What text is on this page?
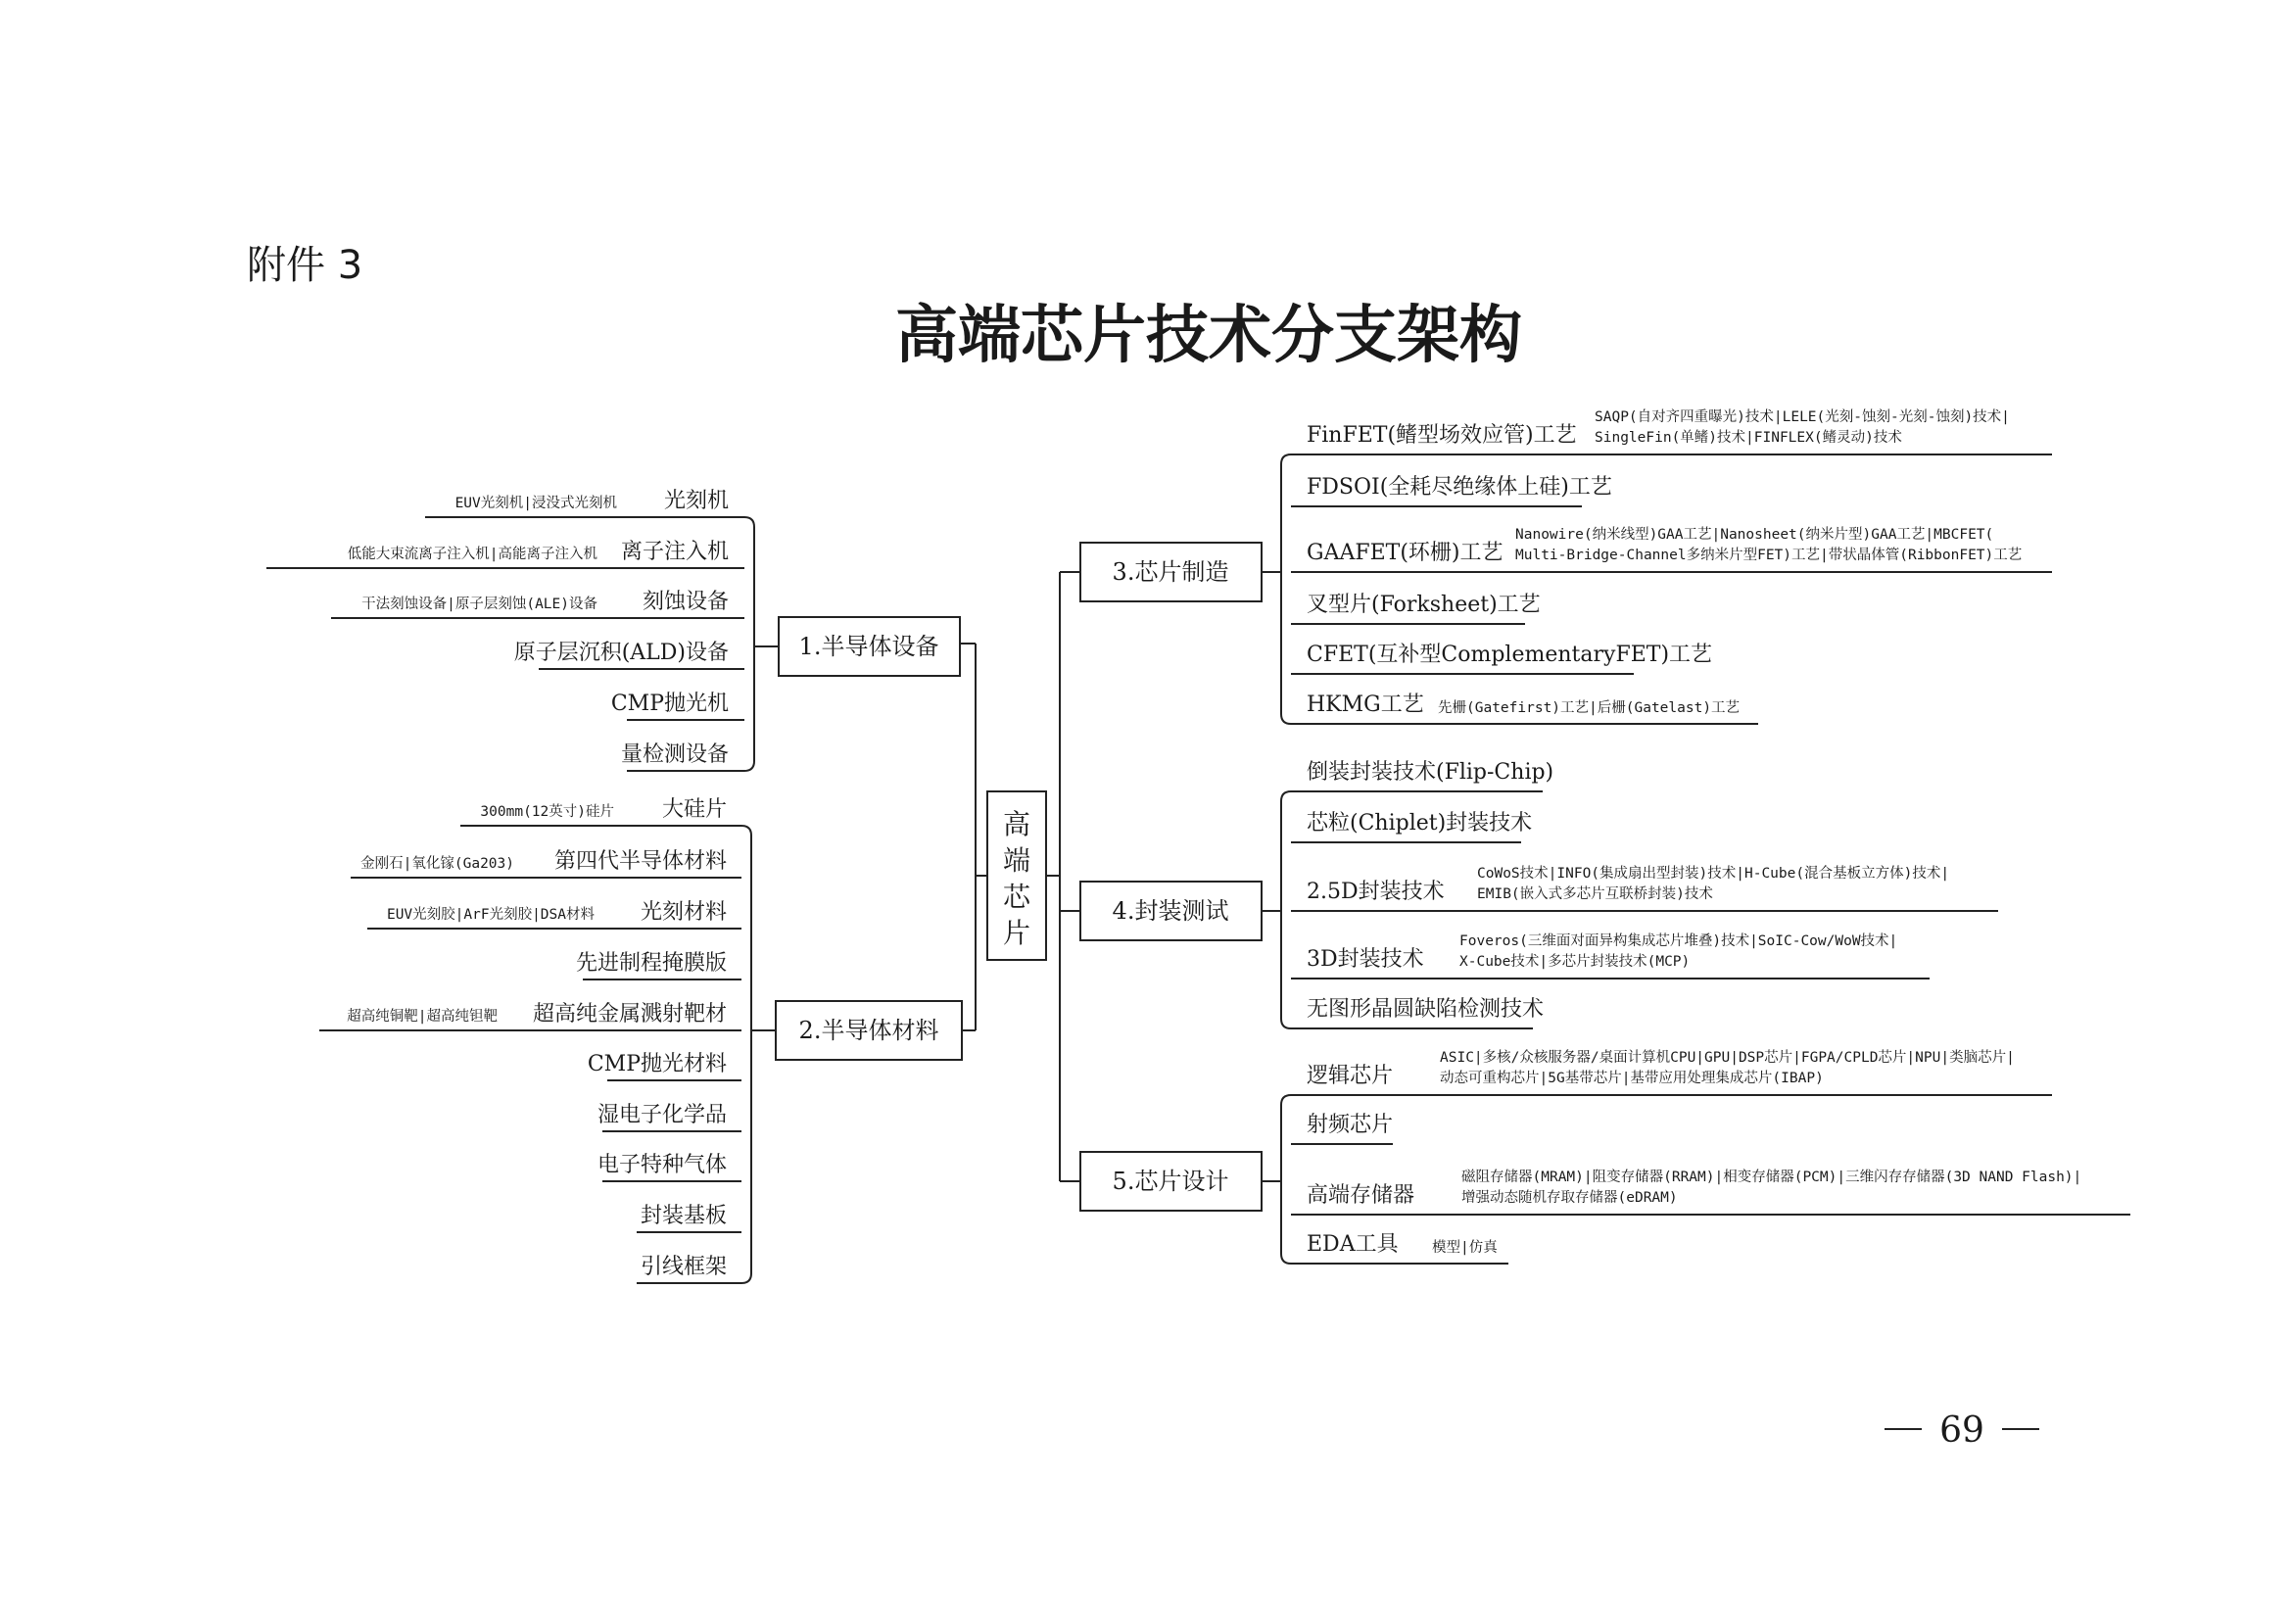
附件 3
高端芯片技术分支架构
高
端
芯
片
1.半导体设备
2.半导体材料
3.芯片制造
4.封装测试
5.芯片设计
光刻机
EUV光刻机|浸没式光刻机
离子注入机
低能大束流离子注入机|高能离子注入机
刻蚀设备
干法刻蚀设备|原子层刻蚀(ALE)设备
原子层沉积(ALD)设备
CMP抛光机
量检测设备
大硅片
300mm(12英寸)硅片
第四代半导体材料
金刚石|氧化镓(Ga203)
光刻材料
EUV光刻胶|ArF光刻胶|DSA材料
先进制程掩膜版
超高纯金属溅射靶材
超高纯铜靶|超高纯钽靶
CMP抛光材料
湿电子化学品
电子特种气体
封装基板
引线框架
FinFET(鳍型场效应管)工艺
SAQP(自对齐四重曝光)技术|LELE(光刻-蚀刻-光刻-蚀刻)技术|
SingleFin(单鳍)技术|FINFLEX(鳍灵动)技术
FDSOI(全耗尽绝缘体上硅)工艺
GAAFET(环栅)工艺
Nanowire(纳米线型)GAA工艺|Nanosheet(纳米片型)GAA工艺|MBCFET(
Multi-Bridge-Channel多纳米片型FET)工艺|带状晶体管(RibbonFET)工艺
叉型片(Forksheet)工艺
CFET(互补型ComplementaryFET)工艺
HKMG工艺 先栅(Gatefirst)工艺|后栅(Gatelast)工艺
倒装封装技术(Flip-Chip)
芯粒(Chiplet)封装技术
2.5D封装技术
CoWoS技术|INFO(集成扇出型封装)技术|H-Cube(混合基板立方体)技术|
EMIB(嵌入式多芯片互联桥封装)技术
3D封装技术
Foveros(三维面对面异构集成芯片堆叠)技术|SoIC-Cow/WoW技术|
X-Cube技术|多芯片封装技术(MCP)
无图形晶圆缺陷检测技术
逻辑芯片
ASIC|多核/众核服务器/桌面计算机CPU|GPU|DSP芯片|FGPA/CPLD芯片|NPU|类脑芯片|
动态可重构芯片|5G基带芯片|基带应用处理集成芯片(IBAP)
射频芯片
高端存储器
磁阻存储器(MRAM)|阻变存储器(RRAM)|相变存储器(PCM)|三维闪存存储器(3D NAND Flash)|
增强动态随机存取存储器(eDRAM)
EDA工具 模型|仿真
69
